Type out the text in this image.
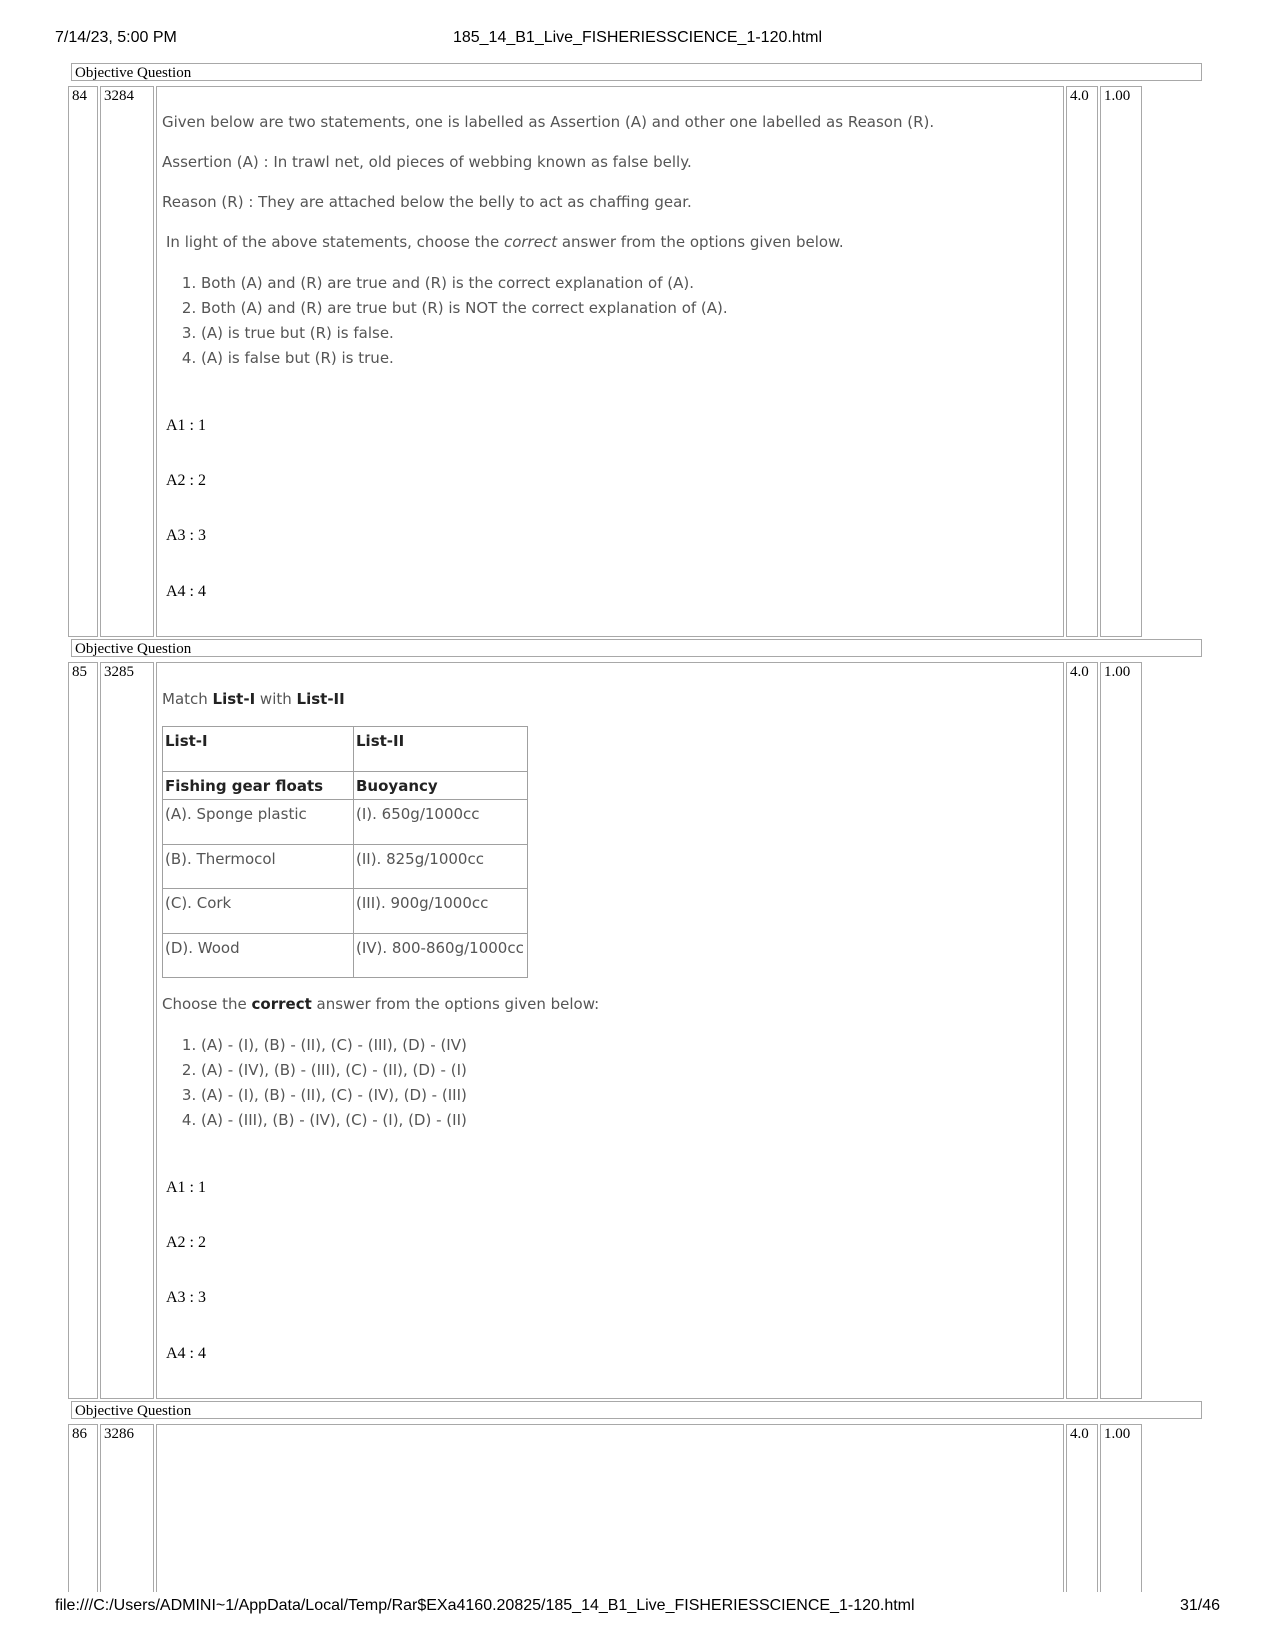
7/14/23, 5:00 PM	185_14_B1_Live_FISHERIESSCIENCE_1-120.html
Objective Question
84	3284

Given below are two statements, one is labelled as Assertion (A) and other one labelled as Reason (R).

Assertion (A) : In trawl net, old pieces of webbing known as false belly.

Reason (R) : They are attached below the belly to act as chaffing gear.

In light of the above statements, choose the correct answer from the options given below.

1. Both (A) and (R) are true and (R) is the correct explanation of (A).
2. Both (A) and (R) are true but (R) is NOT the correct explanation of (A).
3. (A) is true but (R) is false.
4. (A) is false but (R) is true.
A1 : 1
A2 : 2
A3 : 3
A4 : 4
4.0	1.00
Objective Question
85	3285

Match List-I with List-II

List-I	List-II
Fishing gear floats	Buoyancy
(A). Sponge plastic	(I). 650g/1000cc
(B). Thermocol	(II). 825g/1000cc
(C). Cork	(III). 900g/1000cc
(D). Wood	(IV). 800-860g/1000cc

Choose the correct answer from the options given below:

1. (A) - (I), (B) - (II), (C) - (III), (D) - (IV)
2. (A) - (IV), (B) - (III), (C) - (II), (D) - (I)
3. (A) - (I), (B) - (II), (C) - (IV), (D) - (III)
4. (A) - (III), (B) - (IV), (C) - (I), (D) - (II)
A1 : 1
A2 : 2
A3 : 3
A4 : 4
4.0	1.00
Objective Question
86	3286	4.0	1.00
file:///C:/Users/ADMINI~1/AppData/Local/Temp/Rar$EXa4160.20825/185_14_B1_Live_FISHERIESSCIENCE_1-120.html	31/46
